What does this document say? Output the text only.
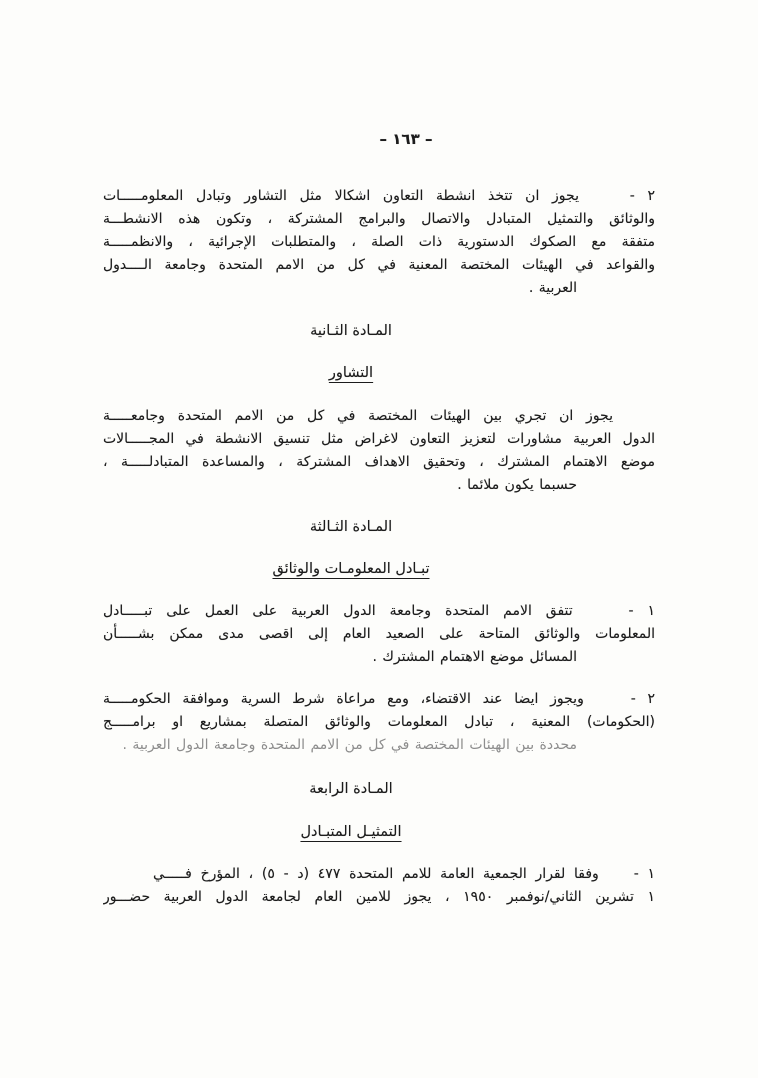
– ١٦٣ –
٢ -    يجوز ان تتخذ انشطة التعاون اشكالا مثل التشاور وتبادل المعلومـــــات
والوثائق والتمثيل المتبادل والاتصال والبرامج المشتركة ، وتكون هذه الانشطـــة
متفقة مع الصكوك الدستورية ذات الصلة ، والمتطلبات الإجرائية ، والانظمـــــة
والقواعد في الهيئات المختصة المعنية في كل من الامم المتحدة وجامعة الــــدول
العربية .
المـادة الثـانية
التشاور
يجوز ان تجري بين الهيئات المختصة في كل من الامم المتحدة وجامعـــــة
الدول العربية مشاورات لتعزيز التعاون لاغراض مثل تنسيق الانشطة في المجـــــالات
موضع الاهتمام المشترك ، وتحقيق الاهداف المشتركة ، والمساعدة المتبادلـــــة ،
حسبما يكون ملائما .
المـادة الثـالثة
تبـادل المعلومـات والوثائق
١ -    تتفق الامم المتحدة وجامعة الدول العربية على العمل على تبـــــادل
المعلومات والوثائق المتاحة على الصعيد العام إلى اقصى مدى ممكن بشـــــأن
المسائل موضع الاهتمام المشترك .
٢ -    ويجوز ايضا عند الاقتضاء، ومع مراعاة شرط السرية وموافقة الحكومـــــة
(الحكومات) المعنية ، تبادل المعلومات والوثائق المتصلة بمشاريع او برامـــــج
محددة بين الهيئات المختصة في كل من الامم المتحدة وجامعة الدول العربية .
المـادة الرابعة
التمثيـل المتبـادل
١ -    وفقا لقرار الجمعية العامة للامم المتحدة ٤٧٧ (د - ٥) ، المؤرخ فـــــي
١ تشرين الثاني/نوفمبر ١٩٥٠ ، يجوز للامين العام لجامعة الدول العربية حضـــور
